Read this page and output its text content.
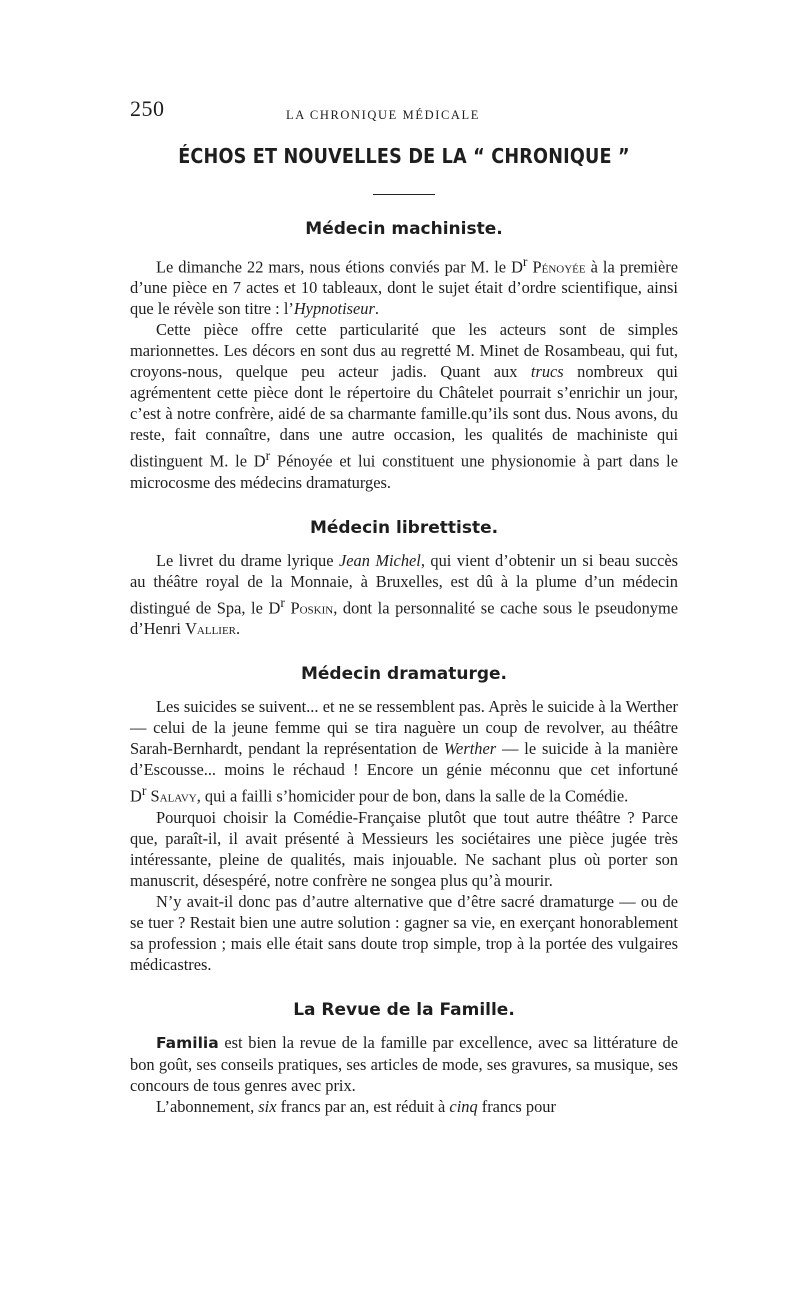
250	LA CHRONIQUE MÉDICALE
ÉCHOS ET NOUVELLES DE LA “ CHRONIQUE ”
Médecin machiniste.

Le dimanche 22 mars, nous étions conviés par M. le $D^r$ Pénoyée à la première d’une pièce en 7 actes et 10 tableaux, dont le sujet était d’ordre scientifique, ainsi que le révèle son titre : l’Hypnotiseur.

Cette pièce offre cette particularité que les acteurs sont de simples marionnettes. Les décors en sont dus au regretté M. Minet de Rosambeau, qui fut, croyons-nous, quelque peu acteur jadis. Quant aux trucs nombreux qui agrémentent cette pièce dont le répertoire du Châtelet pourrait s’enrichir un jour, c’est à notre confrère, aidé de sa charmante famille.qu’ils sont dus. Nous avons, du reste, fait connaître, dans une autre occasion, les qualités de machiniste qui distinguent M. le $D^r$ Pénoyée et lui constituent une physionomie à part dans le microcosme des médecins dramaturges.

Médecin librettiste.

Le livret du drame lyrique Jean Michel, qui vient d’obtenir un si beau succès au théâtre royal de la Monnaie, à Bruxelles, est dû à la plume d’un médecin distingué de Spa, le $D^r$ Poskin, dont la personnalité se cache sous le pseudonyme d’Henri Vallier.

Médecin dramaturge.

Les suicides se suivent... et ne se ressemblent pas. Après le suicide à la Werther — celui de la jeune femme qui se tira naguère un coup de revolver, au théâtre Sarah-Bernhardt, pendant la représentation de Werther — le suicide à la manière d’Escousse... moins le réchaud ! Encore un génie méconnu que cet infortuné $D^r$ Salavy, qui a failli s’homicider pour de bon, dans la salle de la Comédie.

Pourquoi choisir la Comédie-Française plutôt que tout autre théâtre ? Parce que, paraît-il, il avait présenté à Messieurs les sociétaires une pièce jugée très intéressante, pleine de qualités, mais injouable. Ne sachant plus où porter son manuscrit, désespéré, notre confrère ne songea plus qu’à mourir.

N’y avait-il donc pas d’autre alternative que d’être sacré dramaturge — ou de se tuer ? Restait bien une autre solution : gagner sa vie, en exerçant honorablement sa profession ; mais elle était sans doute trop simple, trop à la portée des vulgaires médicastres.

La Revue de la Famille.

Familia est bien la revue de la famille par excellence, avec sa littérature de bon goût, ses conseils pratiques, ses articles de mode, ses gravures, sa musique, ses concours de tous genres avec prix.

L’abonnement, six francs par an, est réduit à cinq francs pour
